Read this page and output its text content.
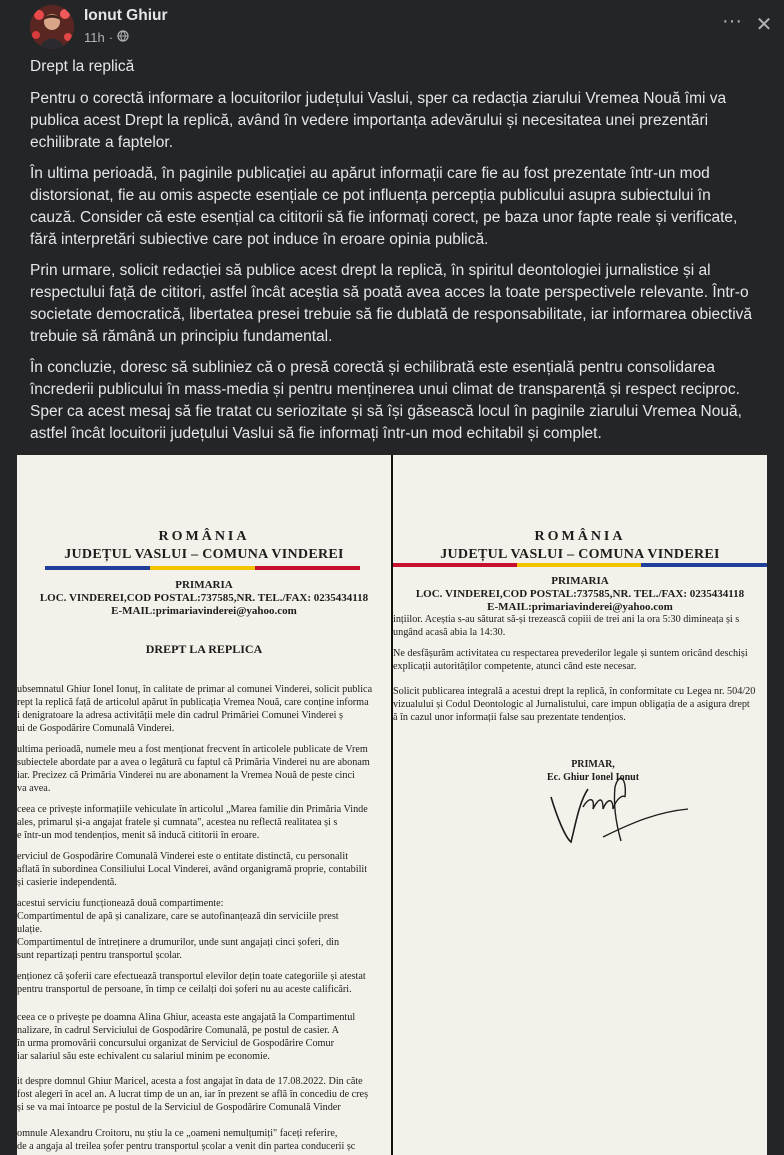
Ionut Ghiur
11h ·
··· ✕

Drept la replică

Pentru o corectă informare a locuitorilor județului Vaslui, sper ca redacția ziarului Vremea Nouă îmi va publica acest Drept la replică, având în vedere importanța adevărului și necesitatea unei prezentări echilibrate a faptelor.

În ultima perioadă, în paginile publicației au apărut informații care fie au fost prezentate într-un mod distorsionat, fie au omis aspecte esențiale ce pot influența percepția publicului asupra subiectului în cauză. Consider că este esențial ca cititorii să fie informați corect, pe baza unor fapte reale și verificate, fără interpretări subiective care pot induce în eroare opinia publică.

Prin urmare, solicit redacției să publice acest drept la replică, în spiritul deontologiei jurnalistice și al respectului față de cititori, astfel încât aceștia să poată avea acces la toate perspectivele relevante. Într-o societate democratică, libertatea presei trebuie să fie dublată de responsabilitate, iar informarea obiectivă trebuie să rămână un principiu fundamental.

În concluzie, doresc să subliniez că o presă corectă și echilibrată este esențială pentru consolidarea încrederii publicului în mass-media și pentru menținerea unui climat de transparență și respect reciproc. Sper ca acest mesaj să fie tratat cu seriozitate și să își găsească locul în paginile ziarului Vremea Nouă, astfel încât locuitorii județului Vaslui să fie informați într-un mod echitabil și complet.

ROMÂNIA
JUDEȚUL VASLUI – COMUNA VINDEREI
PRIMARIA
LOC. VINDEREI,COD POSTAL:737585,NR. TEL./FAX: 0235434118
E-MAIL:primariavinderei@yahoo.com
DREPT LA REPLICA
ubsemnatul Ghiur Ionel Ionuț, în calitate de primar al comunei Vinderei, solicit publica
rept la replică față de articolul apărut în publicația Vremea Nouă, care conține informa
i denigratoare la adresa activității mele din cadrul Primăriei Comunei Vinderei ș
ui de Gospodărire Comunală Vinderei.
ultima perioadă, numele meu a fost menționat frecvent în articolele publicate de Vrem
subiectele abordate par a avea o legătură cu faptul că Primăria Vinderei nu are abonam
iar. Precizez că Primăria Vinderei nu are abonament la Vremea Nouă de peste cinci
va avea.
ceea ce privește informațiile vehiculate în articolul „Marea familie din Primăria Vinde
ales, primarul și-a angajat fratele și cumnata", acestea nu reflectă realitatea și s
e într-un mod tendențios, menit să inducă cititorii în eroare.
erviciul de Gospodărire Comunală Vinderei este o entitate distinctă, cu personalit
aflată în subordinea Consiliului Local Vinderei, având organigramă proprie, contabilit
și casierie independentă.
acestui serviciu funcționează două compartimente:
Compartimentul de apă și canalizare, care se autofinanțează din serviciile prest
ulație.
Compartimentul de întreținere a drumurilor, unde sunt angajați cinci șoferi, din
sunt repartizați pentru transportul școlar.
enționez că șoferii care efectuează transportul elevilor dețin toate categoriile și atestat
pentru transportul de persoane, în timp ce ceilalți doi șoferi nu au aceste calificări.
ceea ce o privește pe doamna Alina Ghiur, aceasta este angajată la Compartimentul
nalizare, în cadrul Serviciului de Gospodărire Comunală, pe postul de casier. A
în urma promovării concursului organizat de Serviciul de Gospodărire Comur
iar salariul său este echivalent cu salariul minim pe economie.
it despre domnul Ghiur Maricel, acesta a fost angajat în data de 17.08.2022. Din căte
fost alegeri în acel an. A lucrat timp de un an, iar în prezent se află în concediu de creș
și se va mai întoarce pe postul de la Serviciul de Gospodărire Comunală Vinder
omnule Alexandru Croitoru, nu știu la ce „oameni nemulțumiți" faceți referire,
de a angaja al treilea șofer pentru transportul școlar a venit din partea conducerii șc
ROMÂNIA
JUDEȚUL VASLUI – COMUNA VINDEREI
PRIMARIA
LOC. VINDEREI,COD POSTAL:737585,NR. TEL./FAX: 0235434118
E-MAIL:primariavinderei@yahoo.com
ințiilor. Aceștia s-au săturat să-și trezească copiii de trei ani la ora 5:30 dimineața și s
ungând acasă abia la 14:30.
Ne desfășurăm activitatea cu respectarea prevederilor legale și suntem oricând deschiși
explicații autorităților competente, atunci când este necesar.
Solicit publicarea integrală a acestui drept la replică, în conformitate cu Legea nr. 504/20
vizualului și Codul Deontologic al Jurnalistului, care impun obligația de a asigura drept
ă în cazul unor informații false sau prezentate tendențios.
PRIMAR,
Ec. Ghiur Ionel Ionut
